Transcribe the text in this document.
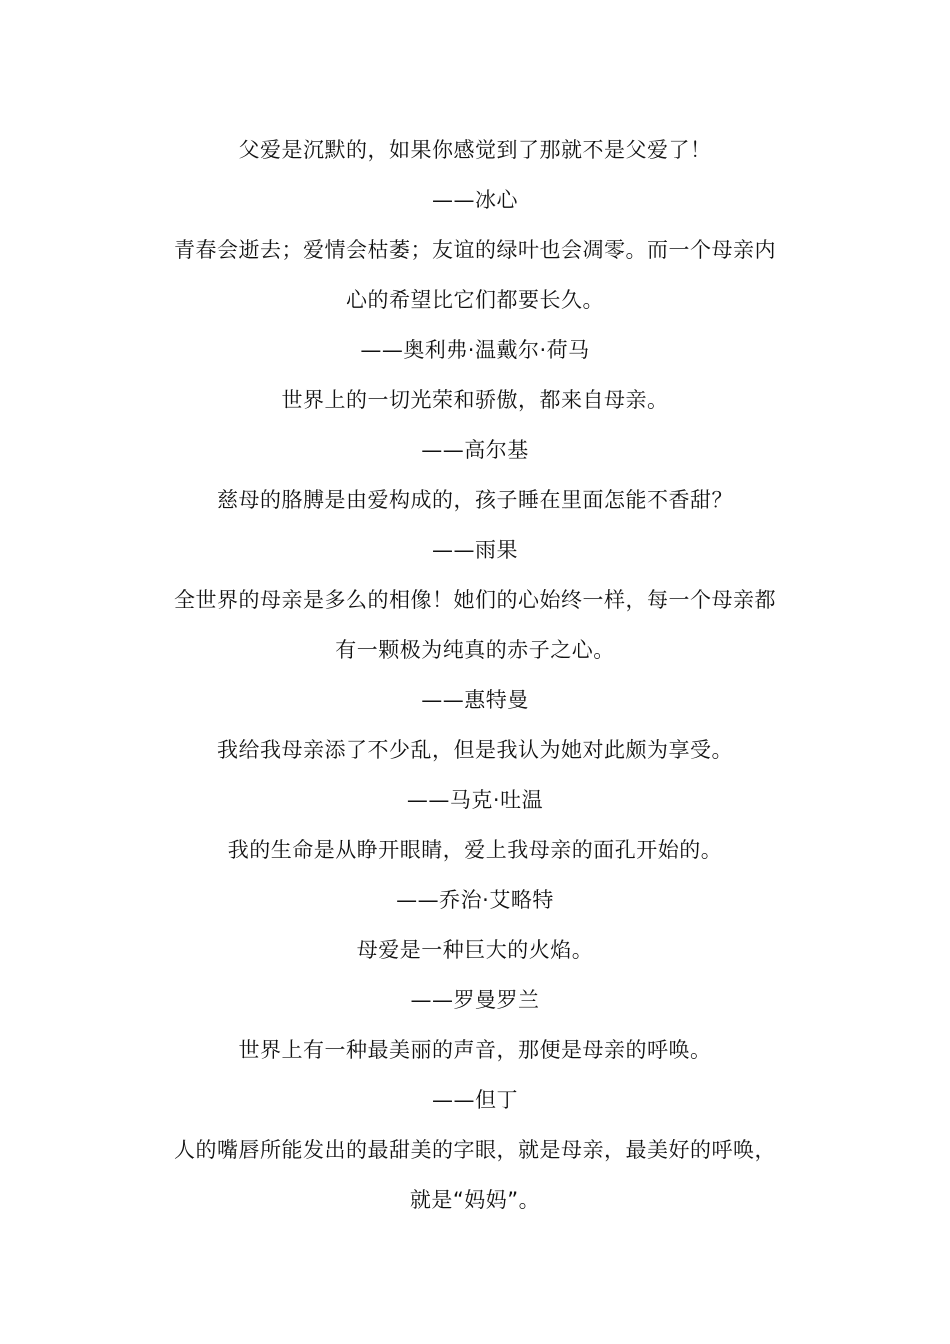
父爱是沉默的，如果你感觉到了那就不是父爱了！
——冰心
青春会逝去；爱情会枯萎；友谊的绿叶也会凋零。而一个母亲内
心的希望比它们都要长久。
——奥利弗·温戴尔·荷马
世界上的一切光荣和骄傲，都来自母亲。
——高尔基
慈母的胳膊是由爱构成的，孩子睡在里面怎能不香甜？
——雨果
全世界的母亲是多么的相像！她们的心始终一样，每一个母亲都
有一颗极为纯真的赤子之心。
——惠特曼
我给我母亲添了不少乱，但是我认为她对此颇为享受。
——马克·吐温
我的生命是从睁开眼睛，爱上我母亲的面孔开始的。
——乔治·艾略特
母爱是一种巨大的火焰。
——罗曼罗兰
世界上有一种最美丽的声音，那便是母亲的呼唤。
——但丁
人的嘴唇所能发出的最甜美的字眼，就是母亲，最美好的呼唤，
就是“妈妈”。
